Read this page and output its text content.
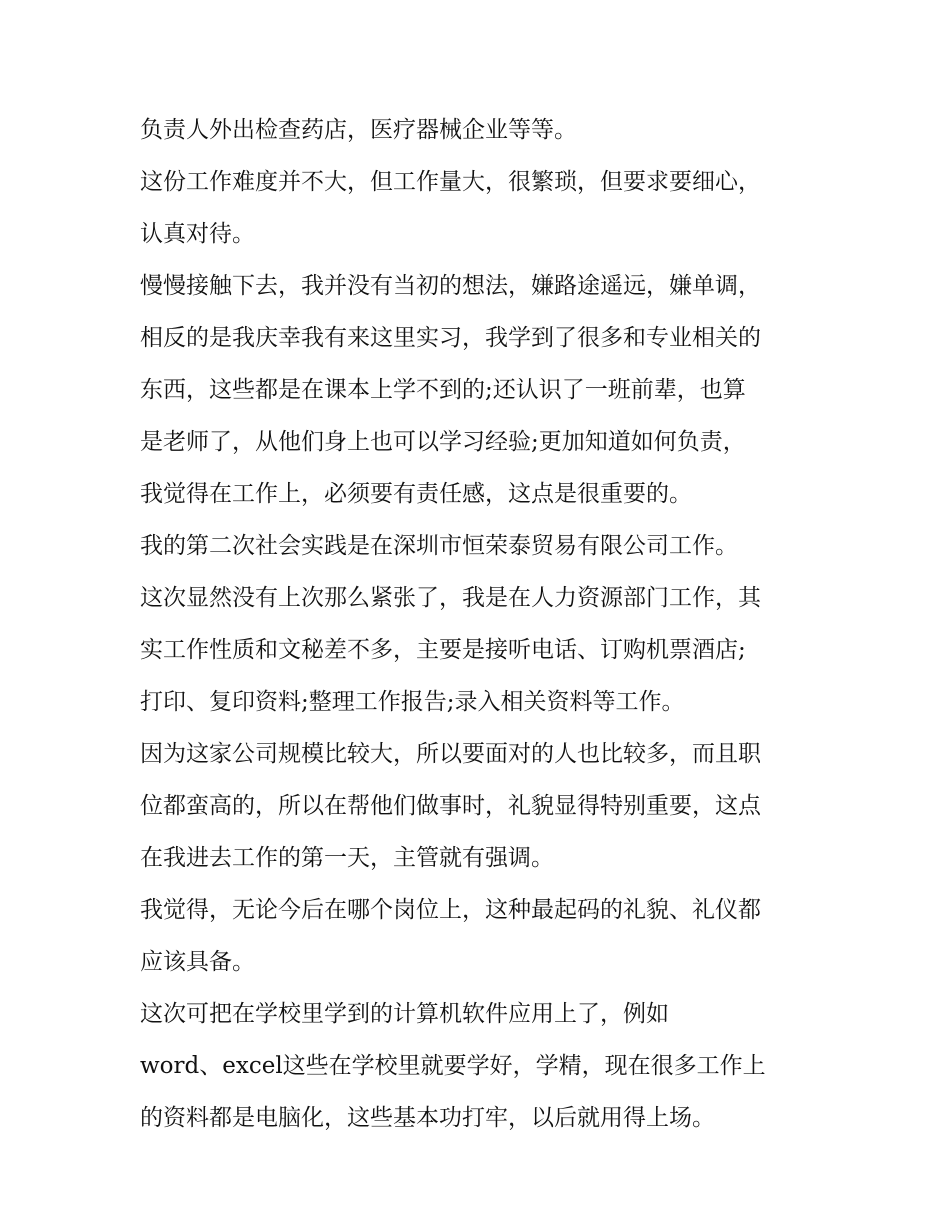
负责人外出检查药店，医疗器械企业等等。
这份工作难度并不大，但工作量大，很繁琐，但要求要细心，
认真对待。
慢慢接触下去，我并没有当初的想法，嫌路途遥远，嫌单调，
相反的是我庆幸我有来这里实习，我学到了很多和专业相关的
东西，这些都是在课本上学不到的;还认识了一班前辈，也算
是老师了，从他们身上也可以学习经验;更加知道如何负责，
我觉得在工作上，必须要有责任感，这点是很重要的。
我的第二次社会实践是在深圳市恒荣泰贸易有限公司工作。
这次显然没有上次那么紧张了，我是在人力资源部门工作，其
实工作性质和文秘差不多，主要是接听电话、订购机票酒店;
打印、复印资料;整理工作报告;录入相关资料等工作。
因为这家公司规模比较大，所以要面对的人也比较多，而且职
位都蛮高的，所以在帮他们做事时，礼貌显得特别重要，这点
在我进去工作的第一天，主管就有强调。
我觉得，无论今后在哪个岗位上，这种最起码的礼貌、礼仪都
应该具备。
这次可把在学校里学到的计算机软件应用上了，例如
word、excel这些在学校里就要学好，学精，现在很多工作上
的资料都是电脑化，这些基本功打牢，以后就用得上场。
